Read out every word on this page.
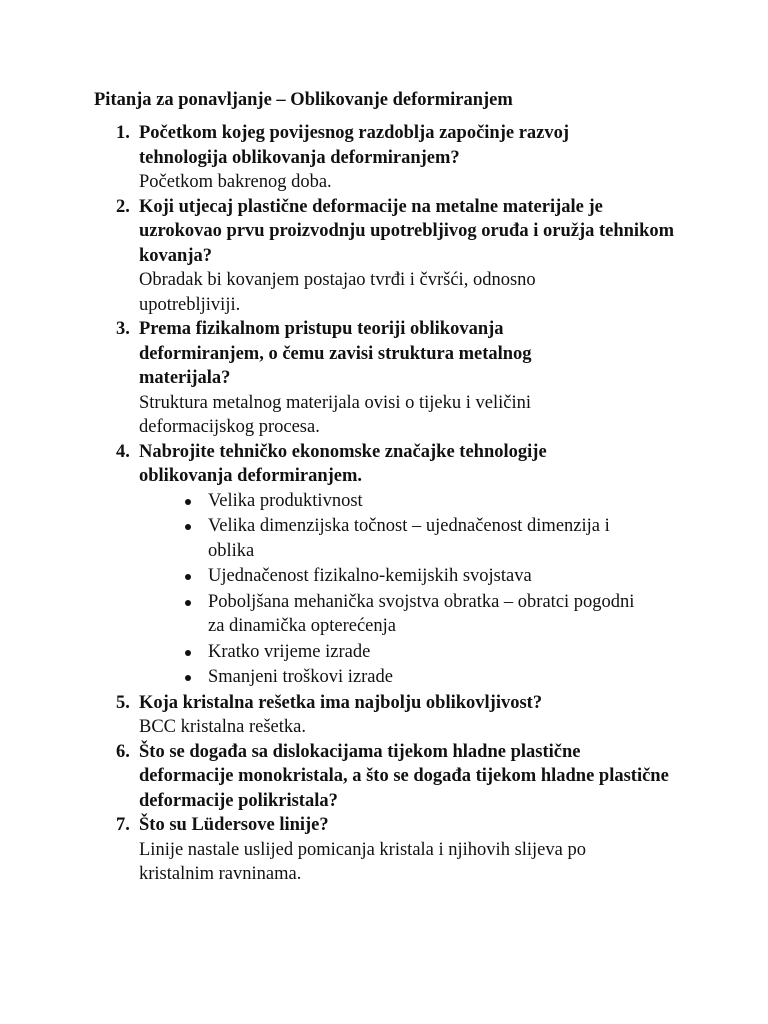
Pitanja za ponavljanje – Oblikovanje deformiranjem
1. Početkom kojeg povijesnog razdoblja započinje razvoj tehnologija oblikovanja deformiranjem?

Početkom bakrenog doba.

2. Koji utjecaj plastične deformacije na metalne materijale je uzrokovao prvu proizvodnju upotrebljivog oruđa i oružja tehnikom kovanja?

Obradak bi kovanjem postajao tvrđi i čvršći, odnosno upotrebljiviji.

3. Prema fizikalnom pristupu teoriji oblikovanja deformiranjem, o čemu zavisi struktura metalnog materijala?

Struktura metalnog materijala ovisi o tijeku i veličini deformacijskog procesa.

4. Nabrojite tehničko ekonomske značajke tehnologije oblikovanja deformiranjem.

Velika produktivnost
Velika dimenzijska točnost – ujednačenost dimenzija i oblika
Ujednačenost fizikalno-kemijskih svojstava
Poboljšana mehanička svojstva obratka – obratci pogodni za dinamička opterećenja
Kratko vrijeme izrade
Smanjeni troškovi izrade
5. Koja kristalna rešetka ima najbolju oblikovljivost?

BCC kristalna rešetka.

6. Što se događa sa dislokacijama tijekom hladne plastične deformacije monokristala, a što se događa tijekom hladne plastične deformacije polikristala?

7. Što su Lüdersove linije?

Linije nastale uslijed pomicanja kristala i njihovih slijeva po kristalnim ravninama.
